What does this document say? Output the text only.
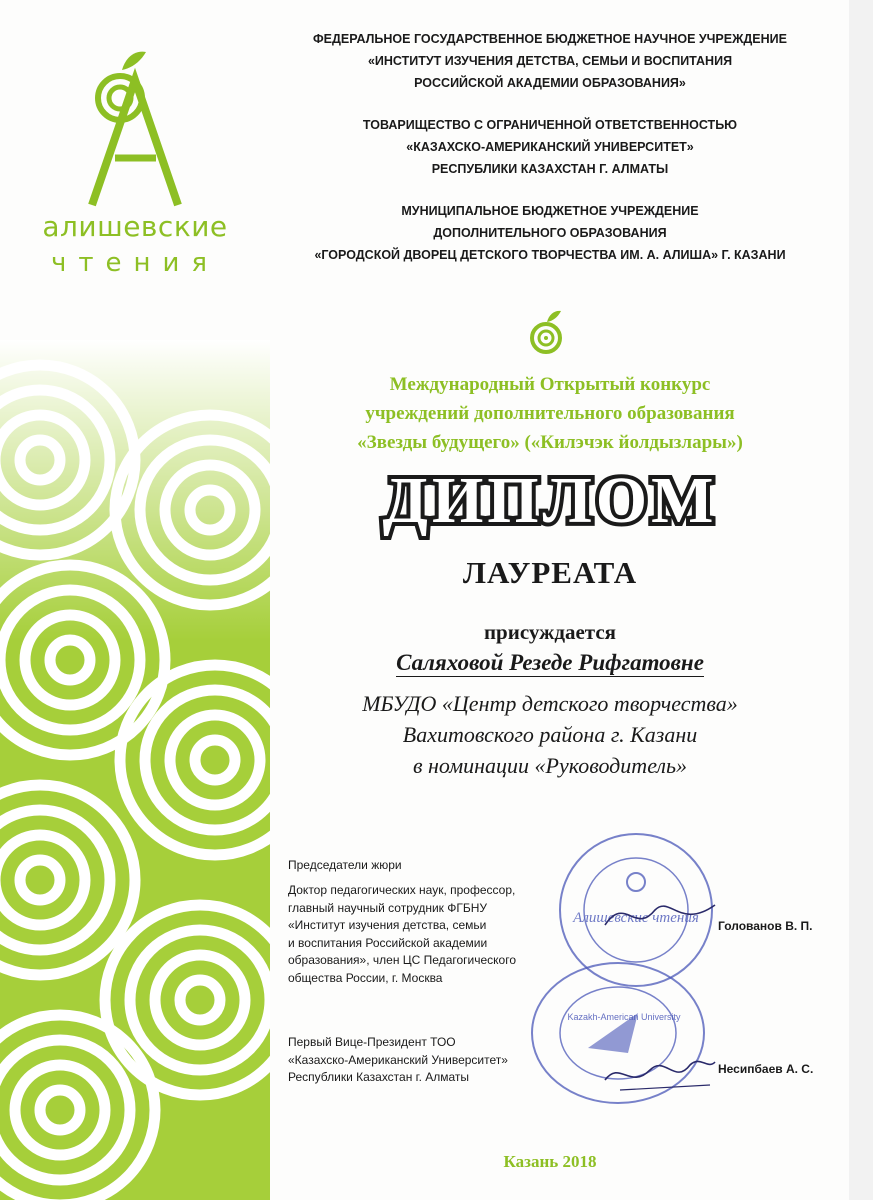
алишевские
чтения
ФЕДЕРАЛЬНОЕ ГОСУДАРСТВЕННОЕ БЮДЖЕТНОЕ НАУЧНОЕ УЧРЕЖДЕНИЕ
«ИНСТИТУТ ИЗУЧЕНИЯ ДЕТСТВА, СЕМЬИ И ВОСПИТАНИЯ
РОССИЙСКОЙ АКАДЕМИИ ОБРАЗОВАНИЯ»
ТОВАРИЩЕСТВО С ОГРАНИЧЕННОЙ ОТВЕТСТВЕННОСТЬЮ
«КАЗАХСКО-АМЕРИКАНСКИЙ УНИВЕРСИТЕТ»
РЕСПУБЛИКИ КАЗАХСТАН Г. АЛМАТЫ
МУНИЦИПАЛЬНОЕ БЮДЖЕТНОЕ УЧРЕЖДЕНИЕ
ДОПОЛНИТЕЛЬНОГО ОБРАЗОВАНИЯ
«ГОРОДСКОЙ ДВОРЕЦ ДЕТСКОГО ТВОРЧЕСТВА ИМ. А. АЛИША» Г. КАЗАНИ
Международный Открытый конкурс
учреждений дополнительного образования
«Звезды будущего» («Килэчэк йолдызлары»)
ДИПЛОМ
ЛАУРЕАТА
присуждается
Саляховой Резеде Рифгатовне
МБУДО «Центр детского творчества»
Вахитовского района г. Казани
в номинации «Руководитель»
Алишевские чтения
Kazakh-American University
Председатели жюри
Доктор педагогических наук, профессор,
главный научный сотрудник ФГБНУ
«Институт изучения детства, семьи
и воспитания Российской академии
образования», член ЦС Педагогического
общества России, г. Москва
Голованов В. П.
Первый Вице-Президент ТОО
«Казахско-Американский Университет»
Республики Казахстан г. Алматы
Несипбаев А. С.
Казань 2018
